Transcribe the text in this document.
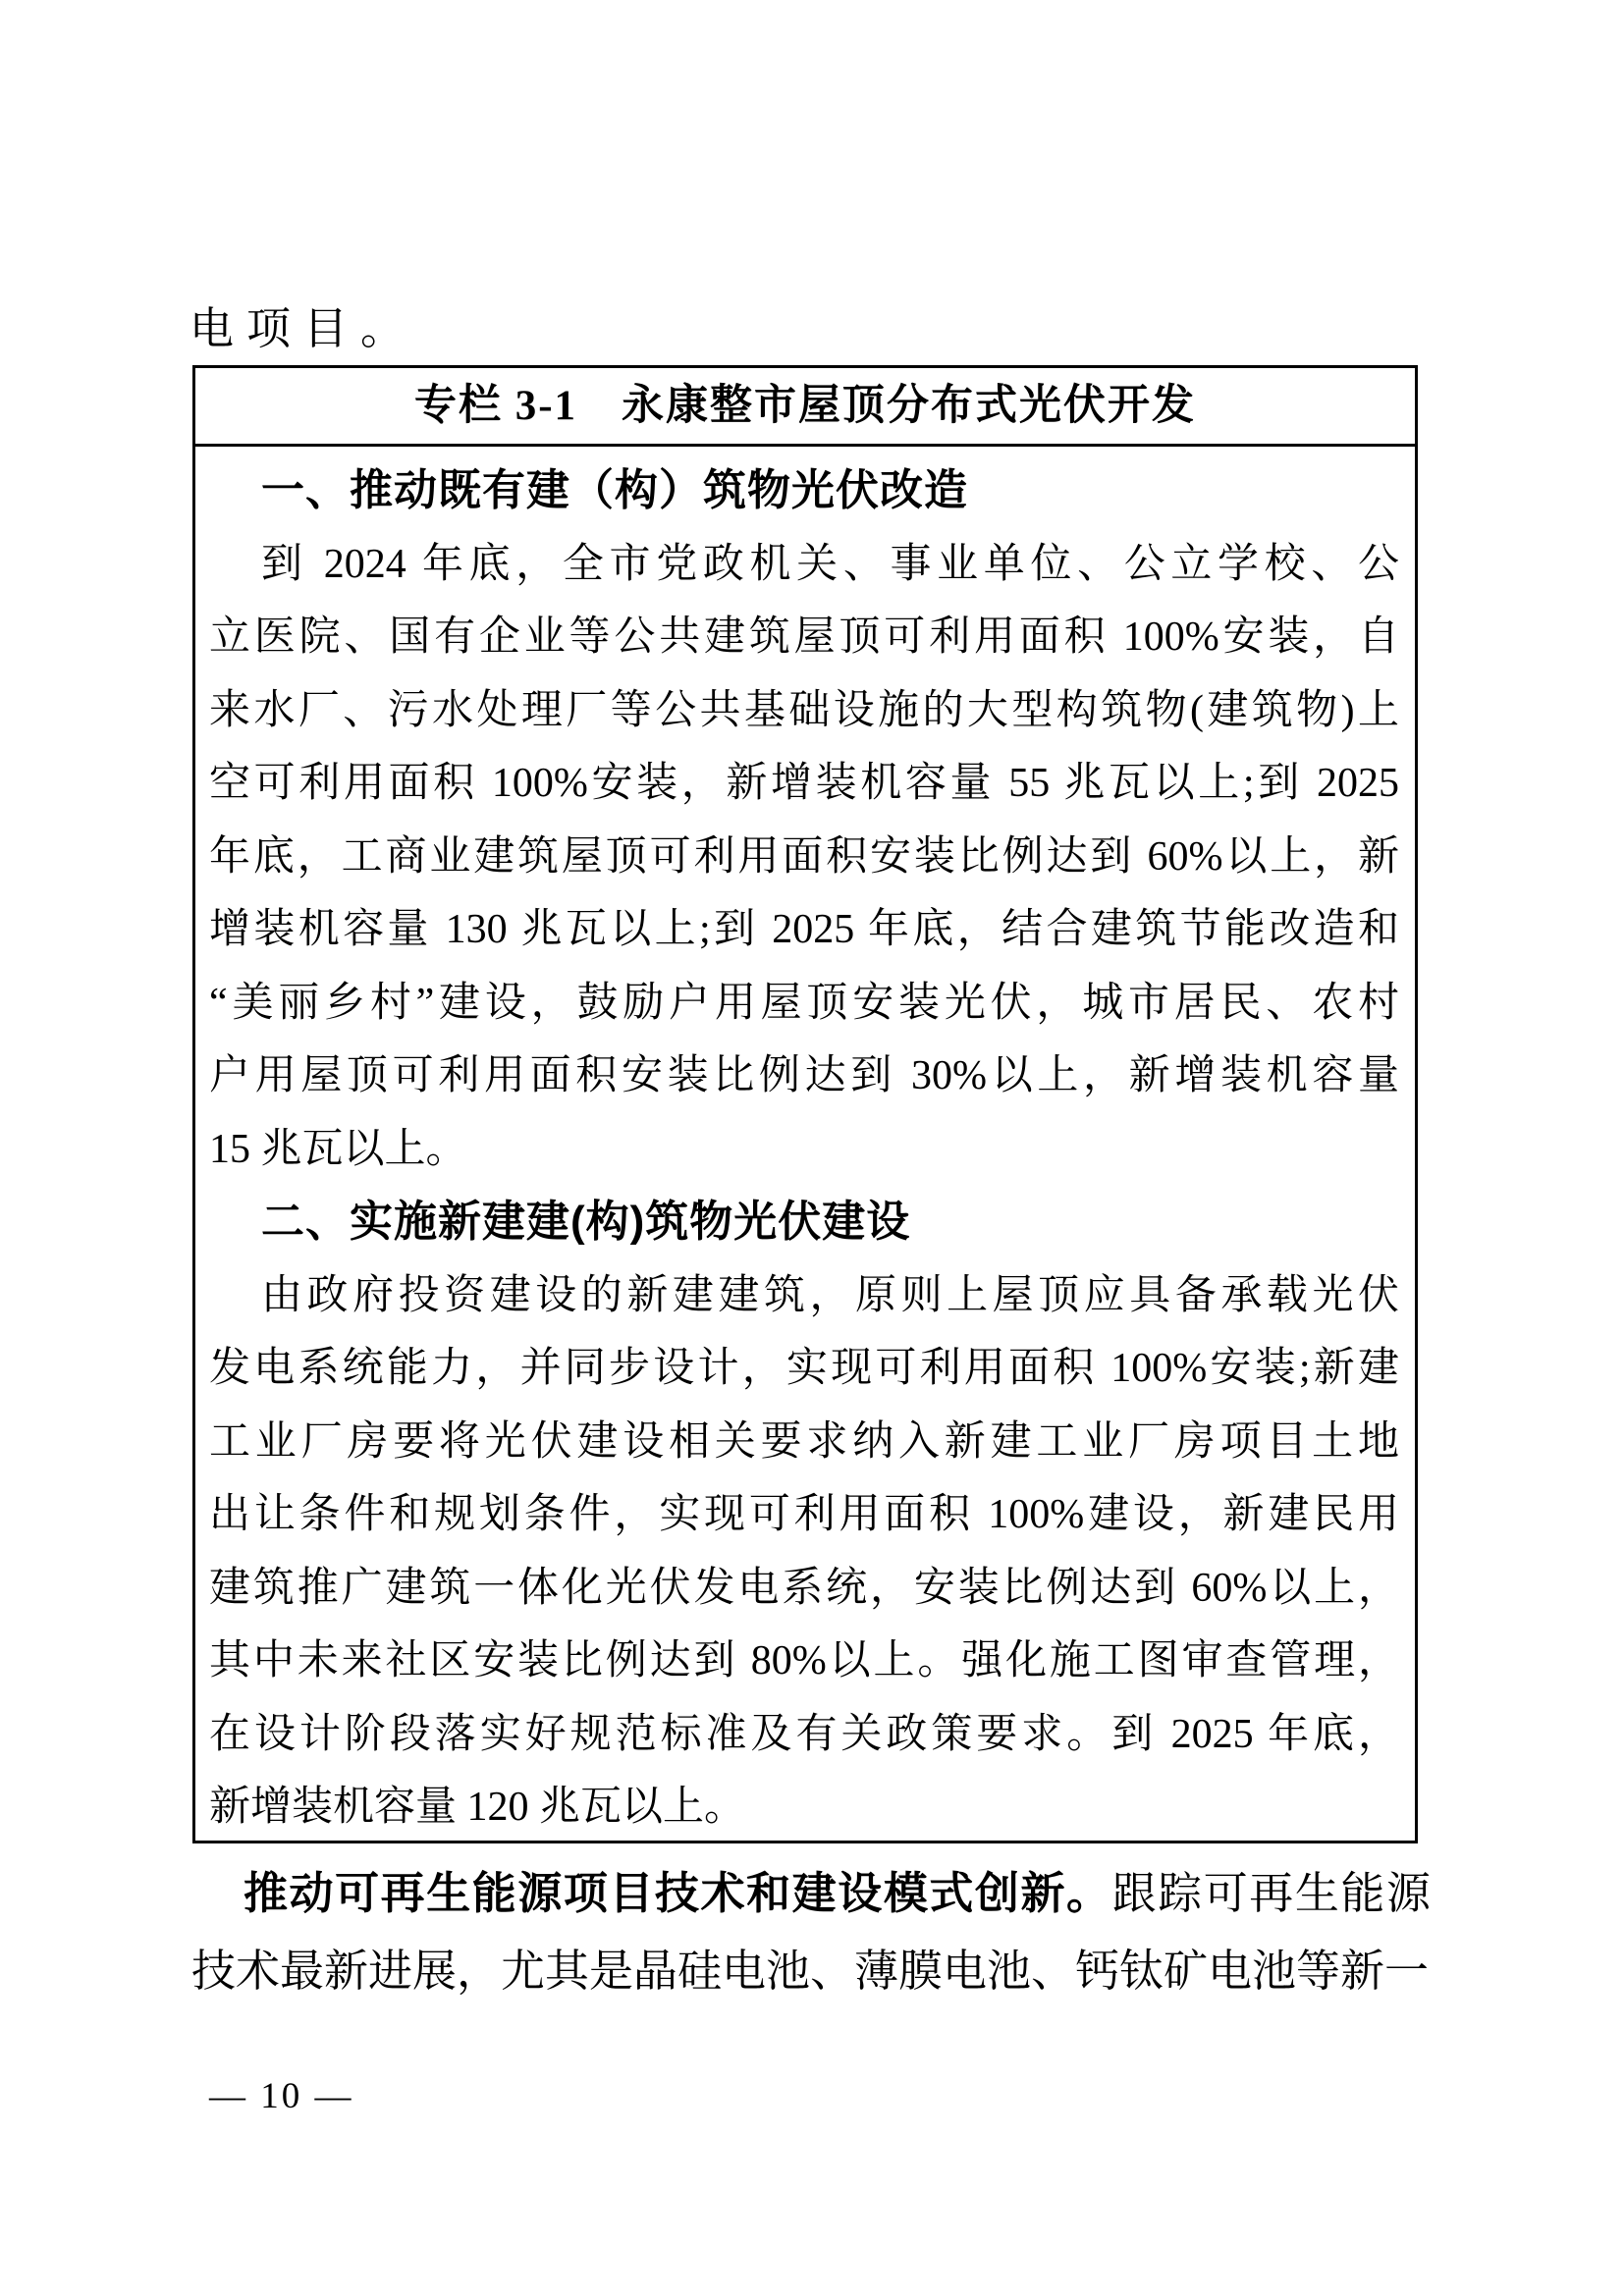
电项目。
专栏 3-1　永康整市屋顶分布式光伏开发
一、推动既有建（构）筑物光伏改造
到 2024 年底，全市党政机关、事业单位、公立学校、公
立医院、国有企业等公共建筑屋顶可利用面积 100%安装，自
来水厂、污水处理厂等公共基础设施的大型构筑物(建筑物)上
空可利用面积 100%安装，新增装机容量 55 兆瓦以上;到 2025
年底，工商业建筑屋顶可利用面积安装比例达到 60%以上，新
增装机容量 130 兆瓦以上;到 2025 年底，结合建筑节能改造和
“美丽乡村”建设，鼓励户用屋顶安装光伏，城市居民、农村
户用屋顶可利用面积安装比例达到 30%以上，新增装机容量
15 兆瓦以上。
二、实施新建建(构)筑物光伏建设
由政府投资建设的新建建筑，原则上屋顶应具备承载光伏
发电系统能力，并同步设计，实现可利用面积 100%安装;新建
工业厂房要将光伏建设相关要求纳入新建工业厂房项目土地
出让条件和规划条件，实现可利用面积 100%建设，新建民用
建筑推广建筑一体化光伏发电系统，安装比例达到 60%以上，
其中未来社区安装比例达到 80%以上。强化施工图审查管理，
在设计阶段落实好规范标准及有关政策要求。到 2025 年底，
新增装机容量 120 兆瓦以上。
推动可再生能源项目技术和建设模式创新。跟踪可再生能源技术最新进展，尤其是晶硅电池、薄膜电池、钙钛矿电池等新一
— 10 —
